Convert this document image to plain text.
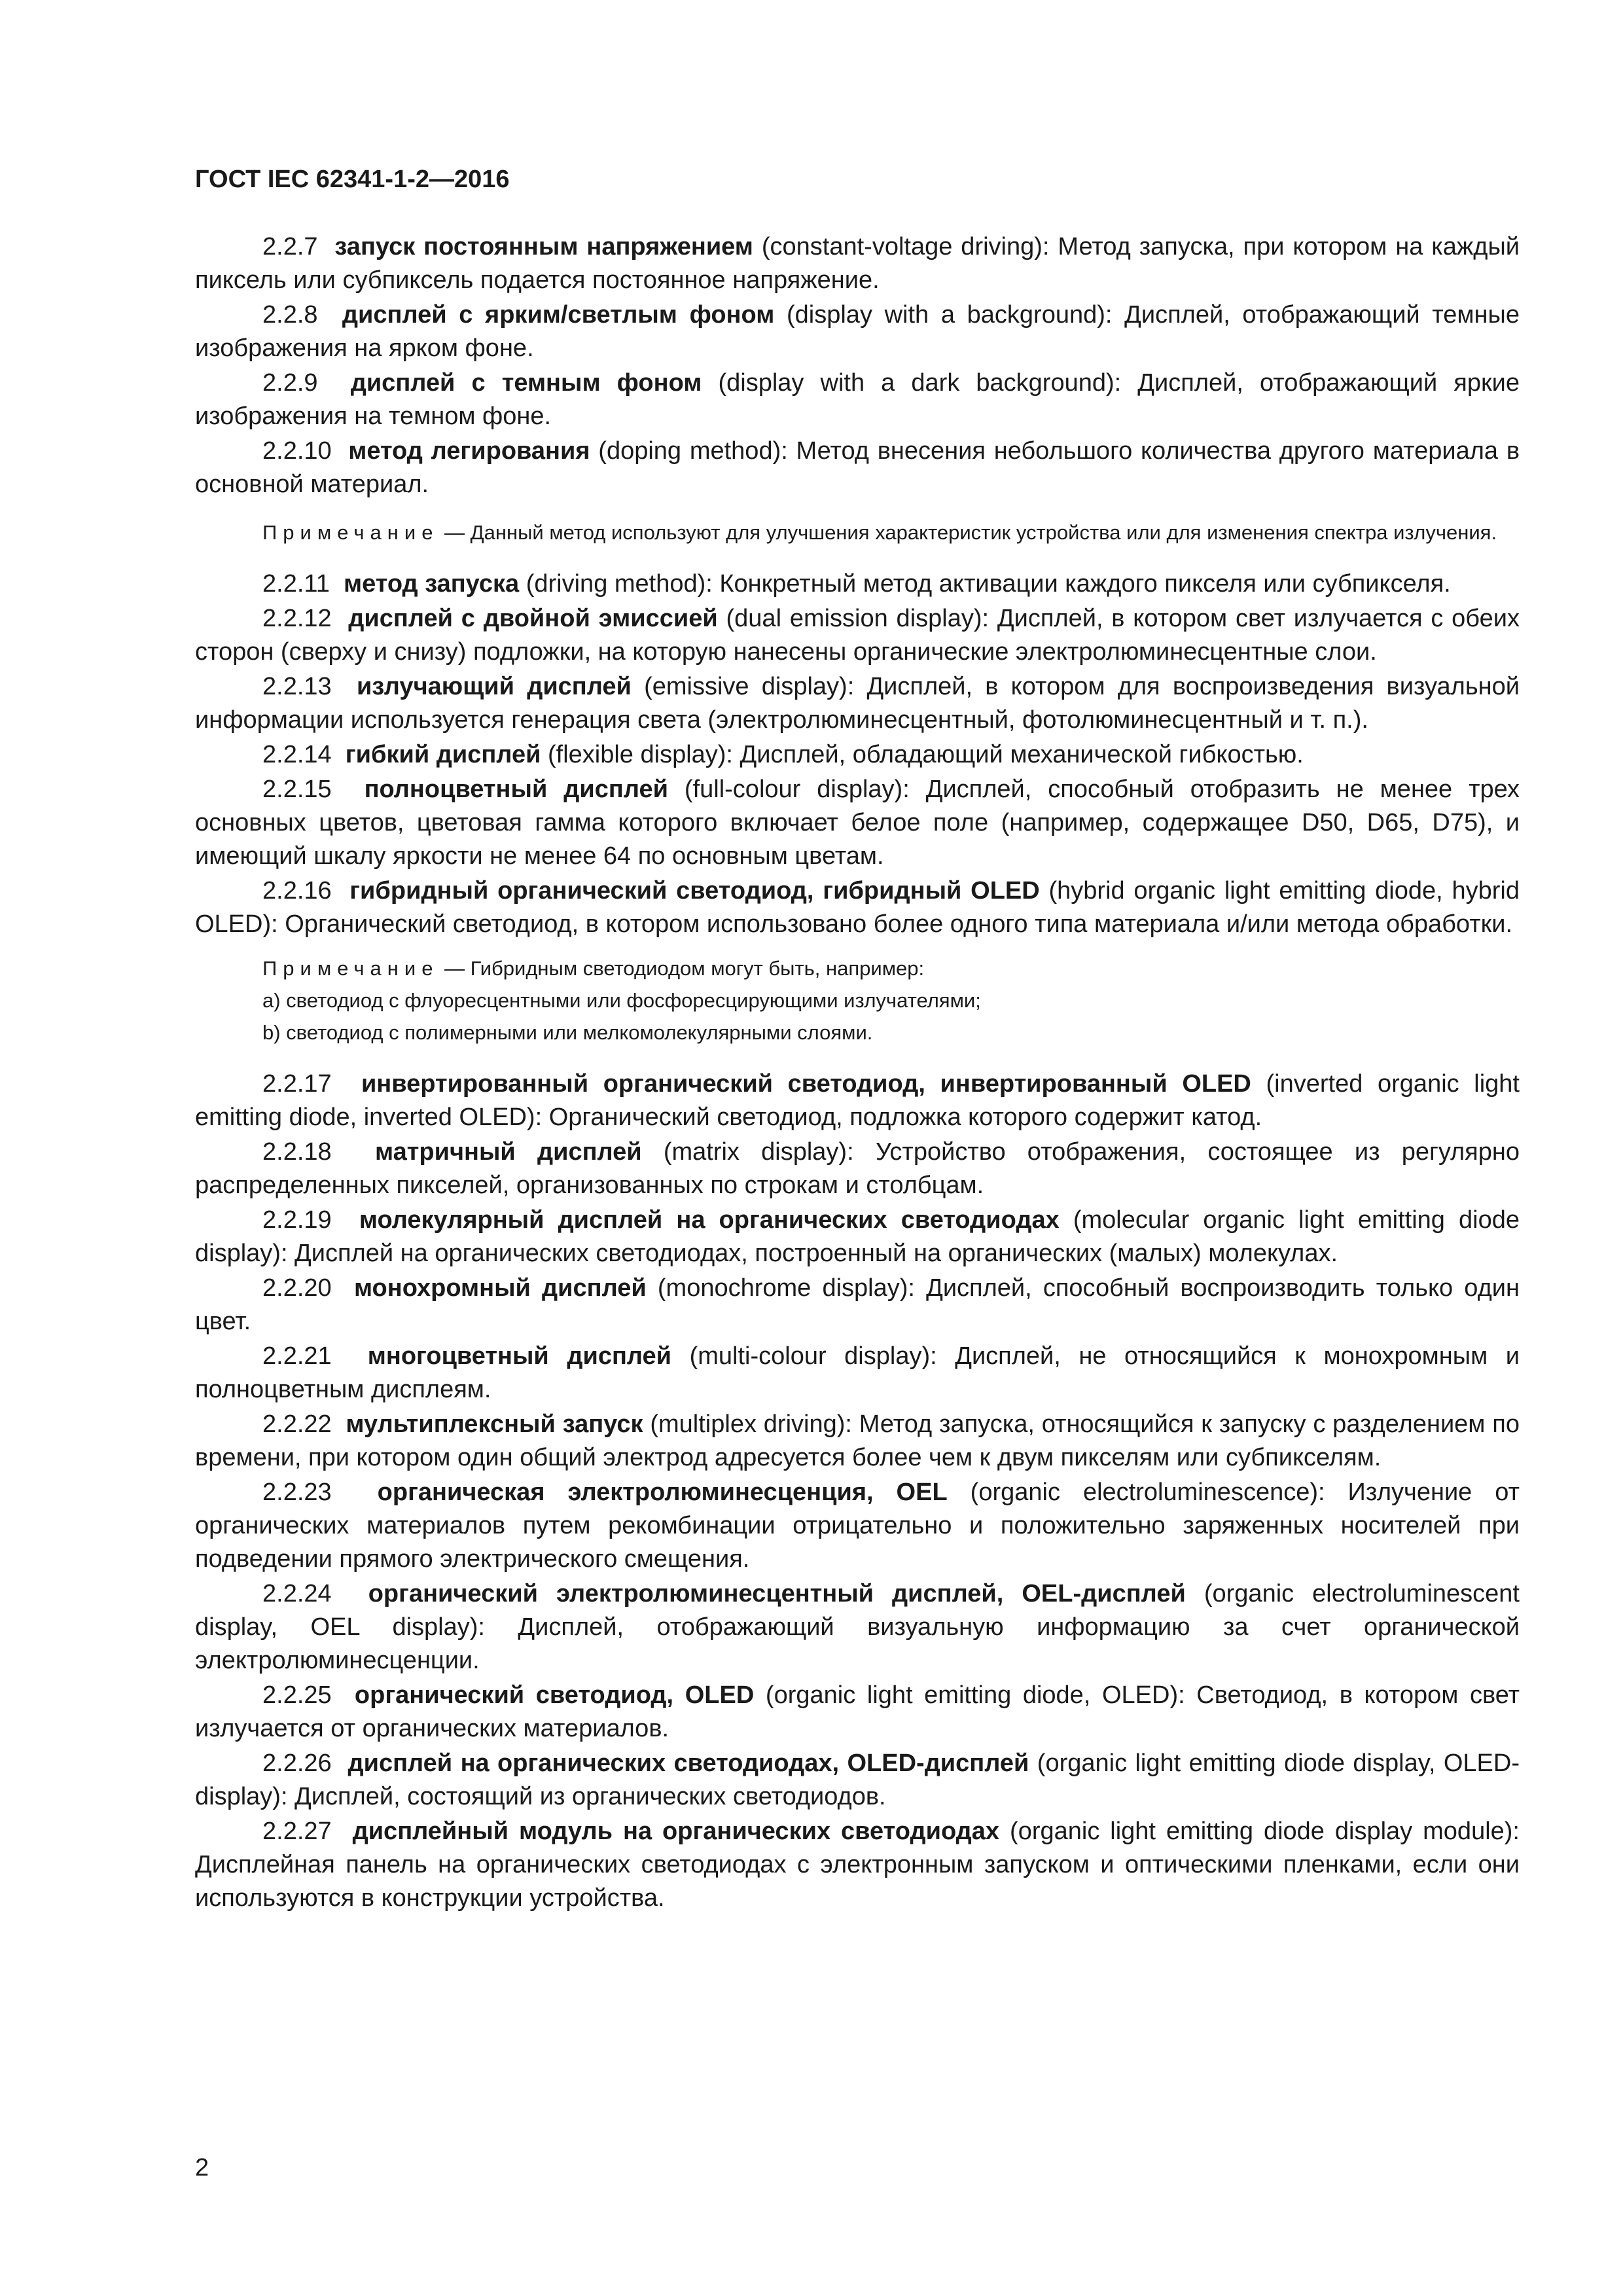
ГОСТ IEC 62341-1-2—2016

2.2.7 запуск постоянным напряжением (constant-voltage driving): Метод запуска, при котором на каждый пиксель или субпиксель подается постоянное напряжение.

2.2.8 дисплей с ярким/светлым фоном (display with a background): Дисплей, отображающий темные изображения на ярком фоне.

2.2.9 дисплей с темным фоном (display with a dark background): Дисплей, отображающий яркие изображения на темном фоне.

2.2.10 метод легирования (doping method): Метод внесения небольшого количества другого материала в основной материал.

Примечание — Данный метод используют для улучшения характеристик устройства или для изменения спектра излучения.

2.2.11 метод запуска (driving method): Конкретный метод активации каждого пикселя или субпикселя.

2.2.12 дисплей с двойной эмиссией (dual emission display): Дисплей, в котором свет излучается с обеих сторон (сверху и снизу) подложки, на которую нанесены органические электролюминесцентные слои.

2.2.13 излучающий дисплей (emissive display): Дисплей, в котором для воспроизведения визуальной информации используется генерация света (электролюминесцентный, фотолюминесцентный и т. п.).

2.2.14 гибкий дисплей (flexible display): Дисплей, обладающий механической гибкостью.

2.2.15 полноцветный дисплей (full-colour display): Дисплей, способный отобразить не менее трех основных цветов, цветовая гамма которого включает белое поле (например, содержащее D50, D65, D75), и имеющий шкалу яркости не менее 64 по основным цветам.

2.2.16 гибридный органический светодиод, гибридный OLED (hybrid organic light emitting diode, hybrid OLED): Органический светодиод, в котором использовано более одного типа материала и/или метода обработки.

Примечание — Гибридным светодиодом могут быть, например:

a) светодиод с флуоресцентными или фосфоресцирующими излучателями;

b) светодиод с полимерными или мелкомолекулярными слоями.

2.2.17 инвертированный органический светодиод, инвертированный OLED (inverted organic light emitting diode, inverted OLED): Органический светодиод, подложка которого содержит катод.

2.2.18 матричный дисплей (matrix display): Устройство отображения, состоящее из регулярно распределенных пикселей, организованных по строкам и столбцам.

2.2.19 молекулярный дисплей на органических светодиодах (molecular organic light emitting diode display): Дисплей на органических светодиодах, построенный на органических (малых) молекулах.

2.2.20 монохромный дисплей (monochrome display): Дисплей, способный воспроизводить только один цвет.

2.2.21 многоцветный дисплей (multi-colour display): Дисплей, не относящийся к монохромным и полноцветным дисплеям.

2.2.22 мультиплексный запуск (multiplex driving): Метод запуска, относящийся к запуску с разделением по времени, при котором один общий электрод адресуется более чем к двум пикселям или субпикселям.

2.2.23 органическая электролюминесценция, OEL (organic electroluminescence): Излучение от органических материалов путем рекомбинации отрицательно и положительно заряженных носителей при подведении прямого электрического смещения.

2.2.24 органический электролюминесцентный дисплей, OEL-дисплей (organic electroluminescent display, OEL display): Дисплей, отображающий визуальную информацию за счет органической электролюминесценции.

2.2.25 органический светодиод, OLED (organic light emitting diode, OLED): Светодиод, в котором свет излучается от органических материалов.

2.2.26 дисплей на органических светодиодах, OLED-дисплей (organic light emitting diode display, OLED-display): Дисплей, состоящий из органических светодиодов.

2.2.27 дисплейный модуль на органических светодиодах (organic light emitting diode display module): Дисплейная панель на органических светодиодах с электронным запуском и оптическими пленками, если они используются в конструкции устройства.

2
